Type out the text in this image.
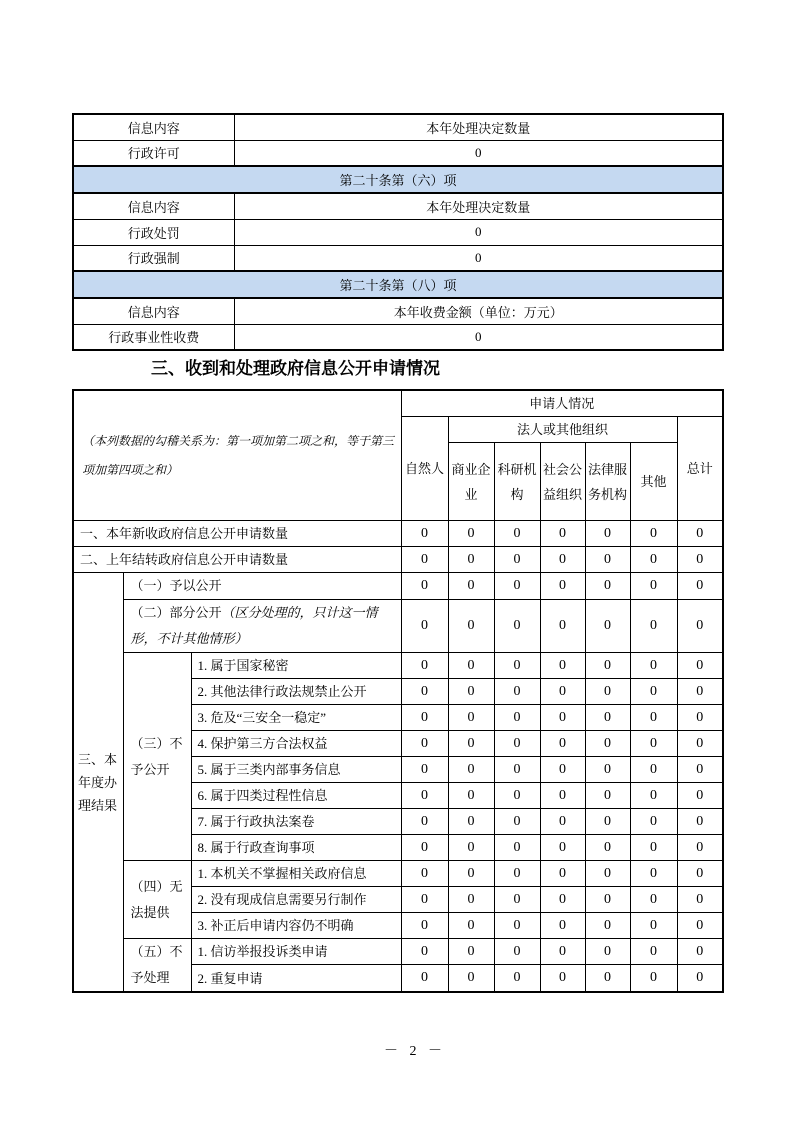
信息内容	本年处理决定数量
行政许可	0
第二十条第（六）项	
信息内容	本年处理决定数量
行政处罚	0
行政强制	0
第二十条第（八）项	
信息内容	本年收费金额（单位：万元）
行政事业性收费	0
三、收到和处理政府信息公开申请情况
（本列数据的勾稽关系为：第一项加第二项之和，等于第三项加第四项之和）			申请人情况						
			自然人	法人或其他组织					总计
				商业企业	科研机构	社会公益组织	法律服务机构	其他	
一、本年新收政府信息公开申请数量			0	0	0	0	0	0	0
二、上年结转政府信息公开申请数量			0	0	0	0	0	0	0
三、本年度办理结果	（一）予以公开		0	0	0	0	0	0	0
	（二）部分公开（区分处理的，只计这一情形，不计其他情形）		0	0	0	0	0	0	0
	（三）不予公开	1. 属于国家秘密	0	0	0	0	0	0	0
		2. 其他法律行政法规禁止公开	0	0	0	0	0	0	0
		3. 危及“三安全一稳定”	0	0	0	0	0	0	0
		4. 保护第三方合法权益	0	0	0	0	0	0	0
		5. 属于三类内部事务信息	0	0	0	0	0	0	0
		6. 属于四类过程性信息	0	0	0	0	0	0	0
		7. 属于行政执法案卷	0	0	0	0	0	0	0
		8. 属于行政查询事项	0	0	0	0	0	0	0
	（四）无法提供	1. 本机关不掌握相关政府信息	0	0	0	0	0	0	0
		2. 没有现成信息需要另行制作	0	0	0	0	0	0	0
		3. 补正后申请内容仍不明确	0	0	0	0	0	0	0
	（五）不予处理	1. 信访举报投诉类申请	0	0	0	0	0	0	0
		2. 重复申请	0	0	0	0	0	0	0
－ 2 －
